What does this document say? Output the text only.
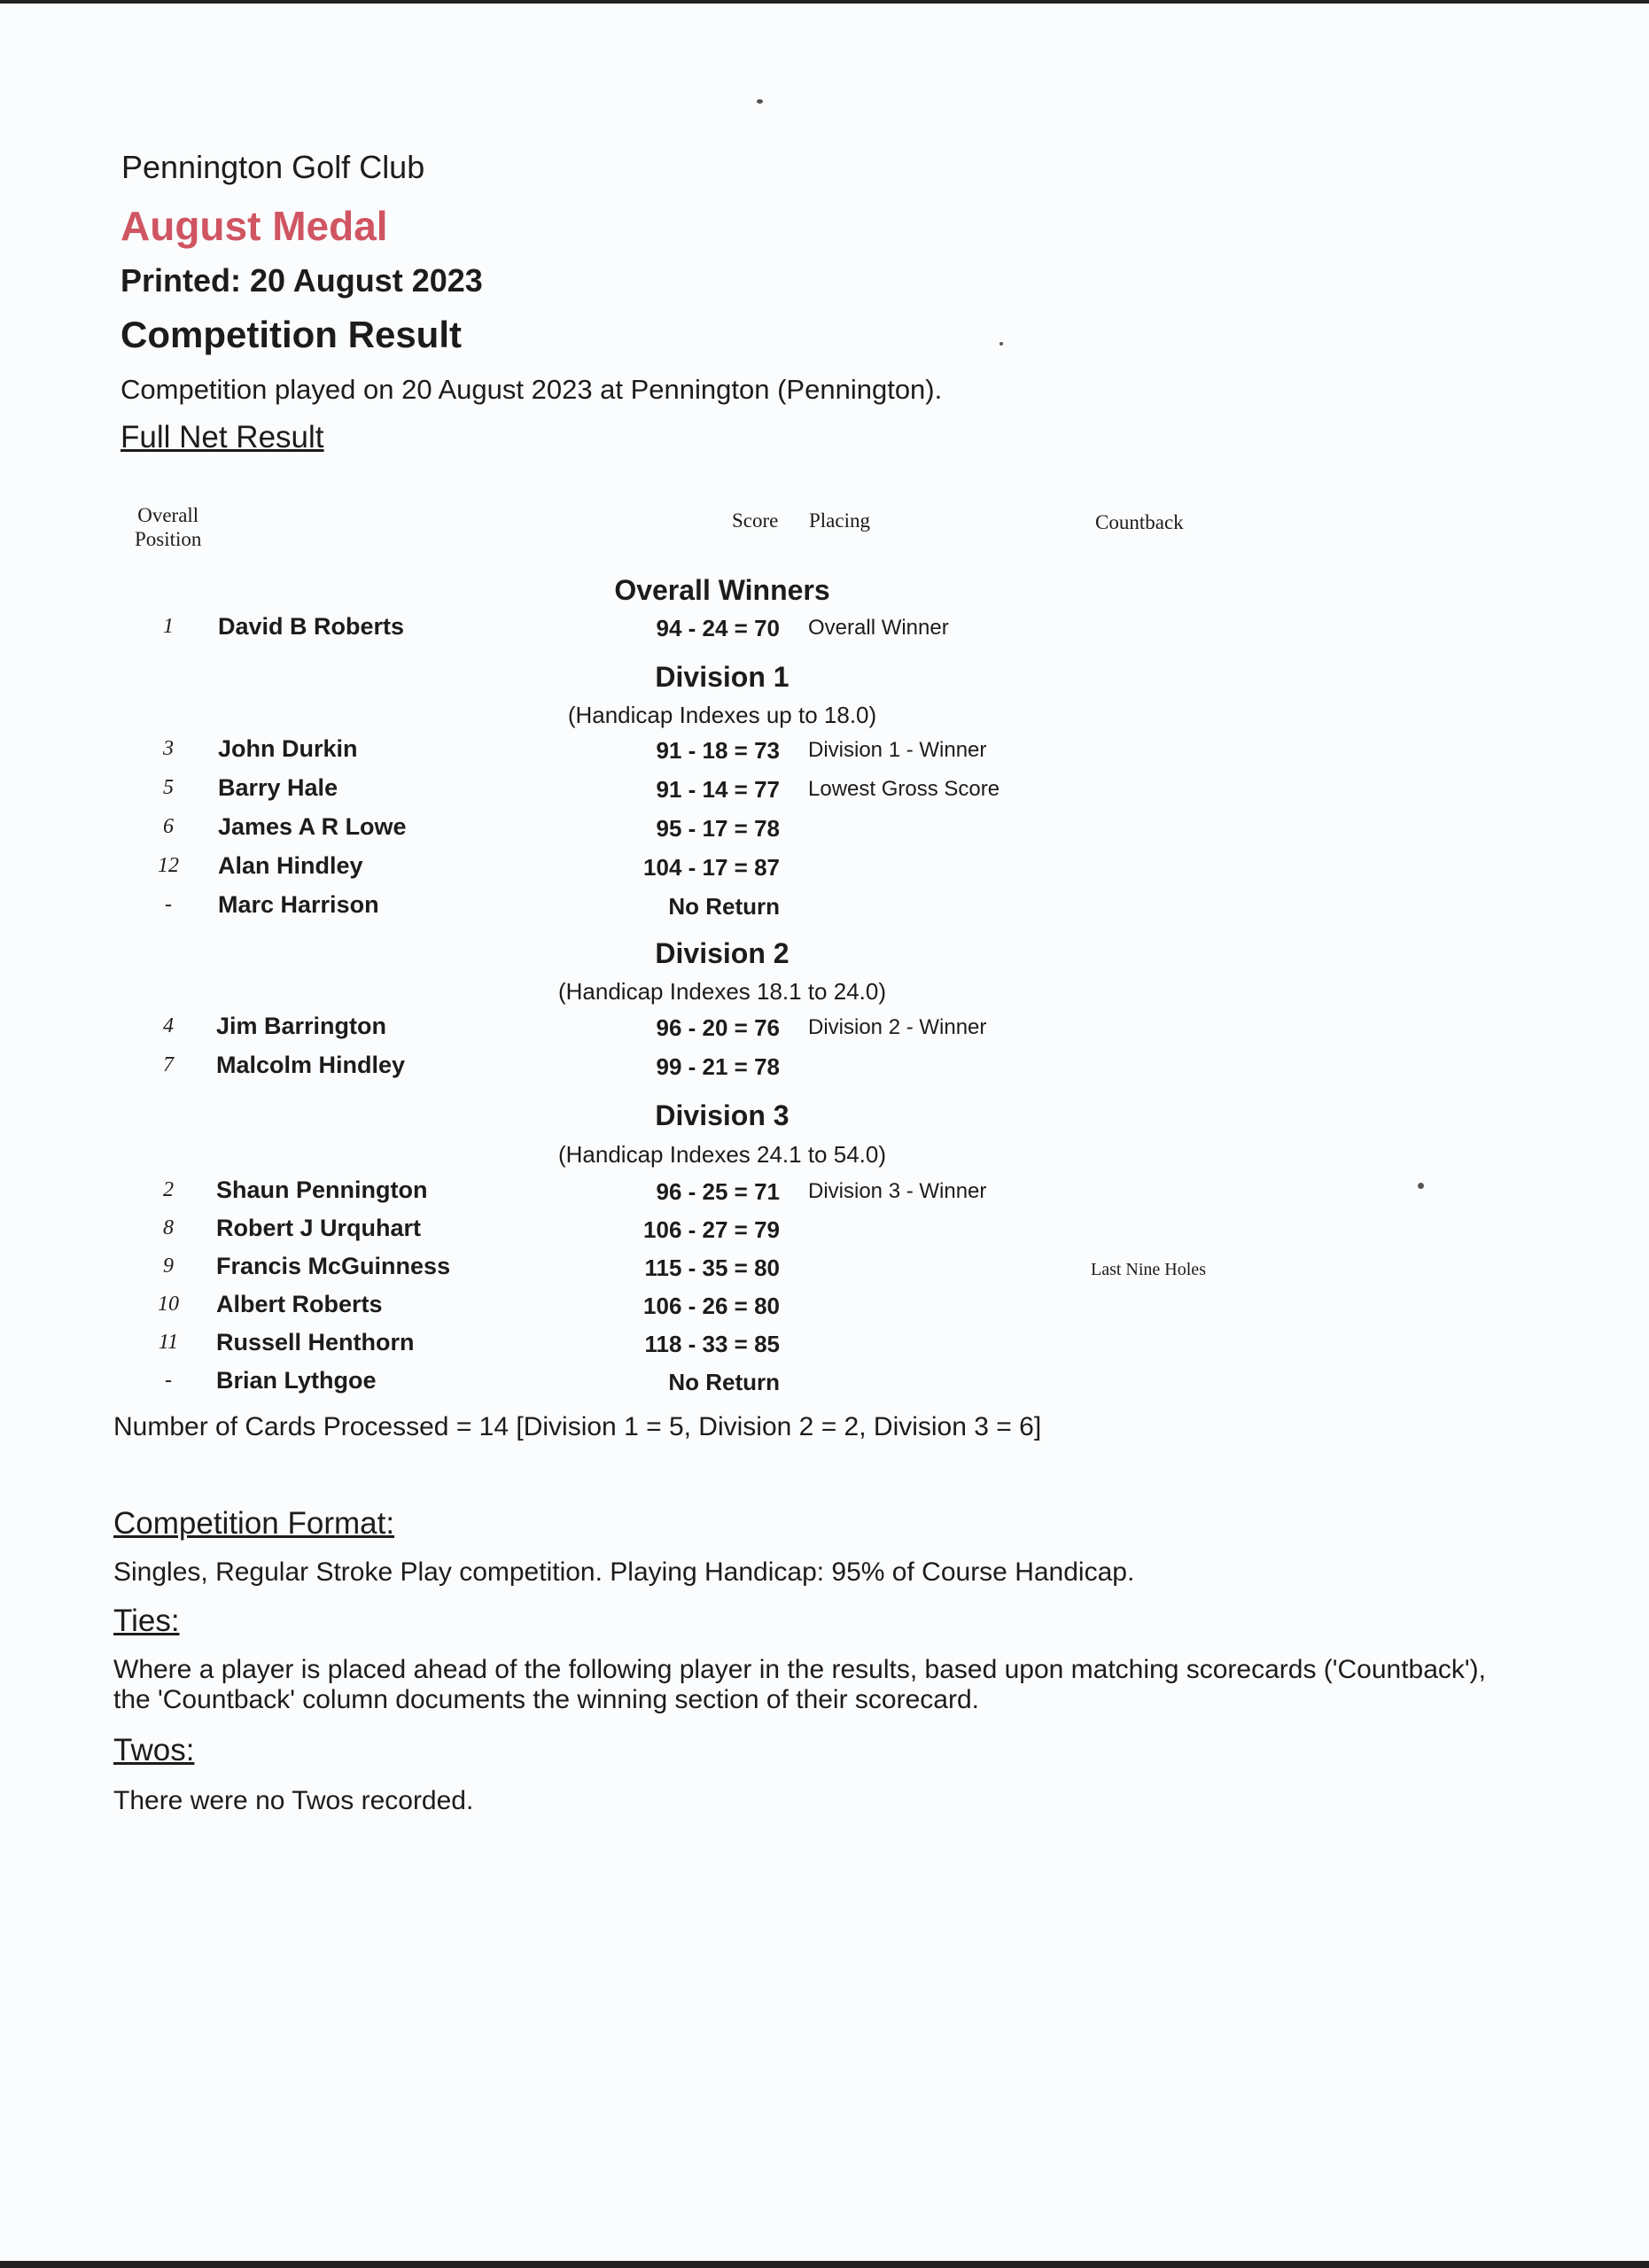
Pennington Golf Club
August Medal
Printed: 20 August 2023
Competition Result
Competition played on 20 August 2023 at Pennington (Pennington).
Full Net Result
Overall
Position
Score Placing	Countback
Overall Winners
1	David B Roberts	94 - 24 = 70 Overall Winner
Division 1
(Handicap Indexes up to 18.0)
3	John Durkin	91 - 18 = 73 Division 1 - Winner
5	Barry Hale	91 - 14 = 77 Lowest Gross Score
6	James A R Lowe	95 - 17 = 78
12	Alan Hindley	104 - 17 = 87
-	Marc Harrison	No Return
Division 2
(Handicap Indexes 18.1 to 24.0)
4	Jim Barrington	96 - 20 = 76 Division 2 - Winner
7	Malcolm Hindley	99 - 21 = 78
Division 3
(Handicap Indexes 24.1 to 54.0)
2	Shaun Pennington	96 - 25 = 71 Division 3 - Winner
8	Robert J Urquhart	106 - 27 = 79
9	Francis McGuinness	115 - 35 = 80	Last Nine Holes
10	Albert Roberts	106 - 26 = 80
11	Russell Henthorn	118 - 33 = 85
-	Brian Lythgoe	No Return
Number of Cards Processed = 14 [Division 1 = 5, Division 2 = 2, Division 3 = 6]
Competition Format:
Singles, Regular Stroke Play competition. Playing Handicap: 95% of Course Handicap.
Ties:
Where a player is placed ahead of the following player in the results, based upon matching scorecards ('Countback'),
the 'Countback' column documents the winning section of their scorecard.
Twos:
There were no Twos recorded.
